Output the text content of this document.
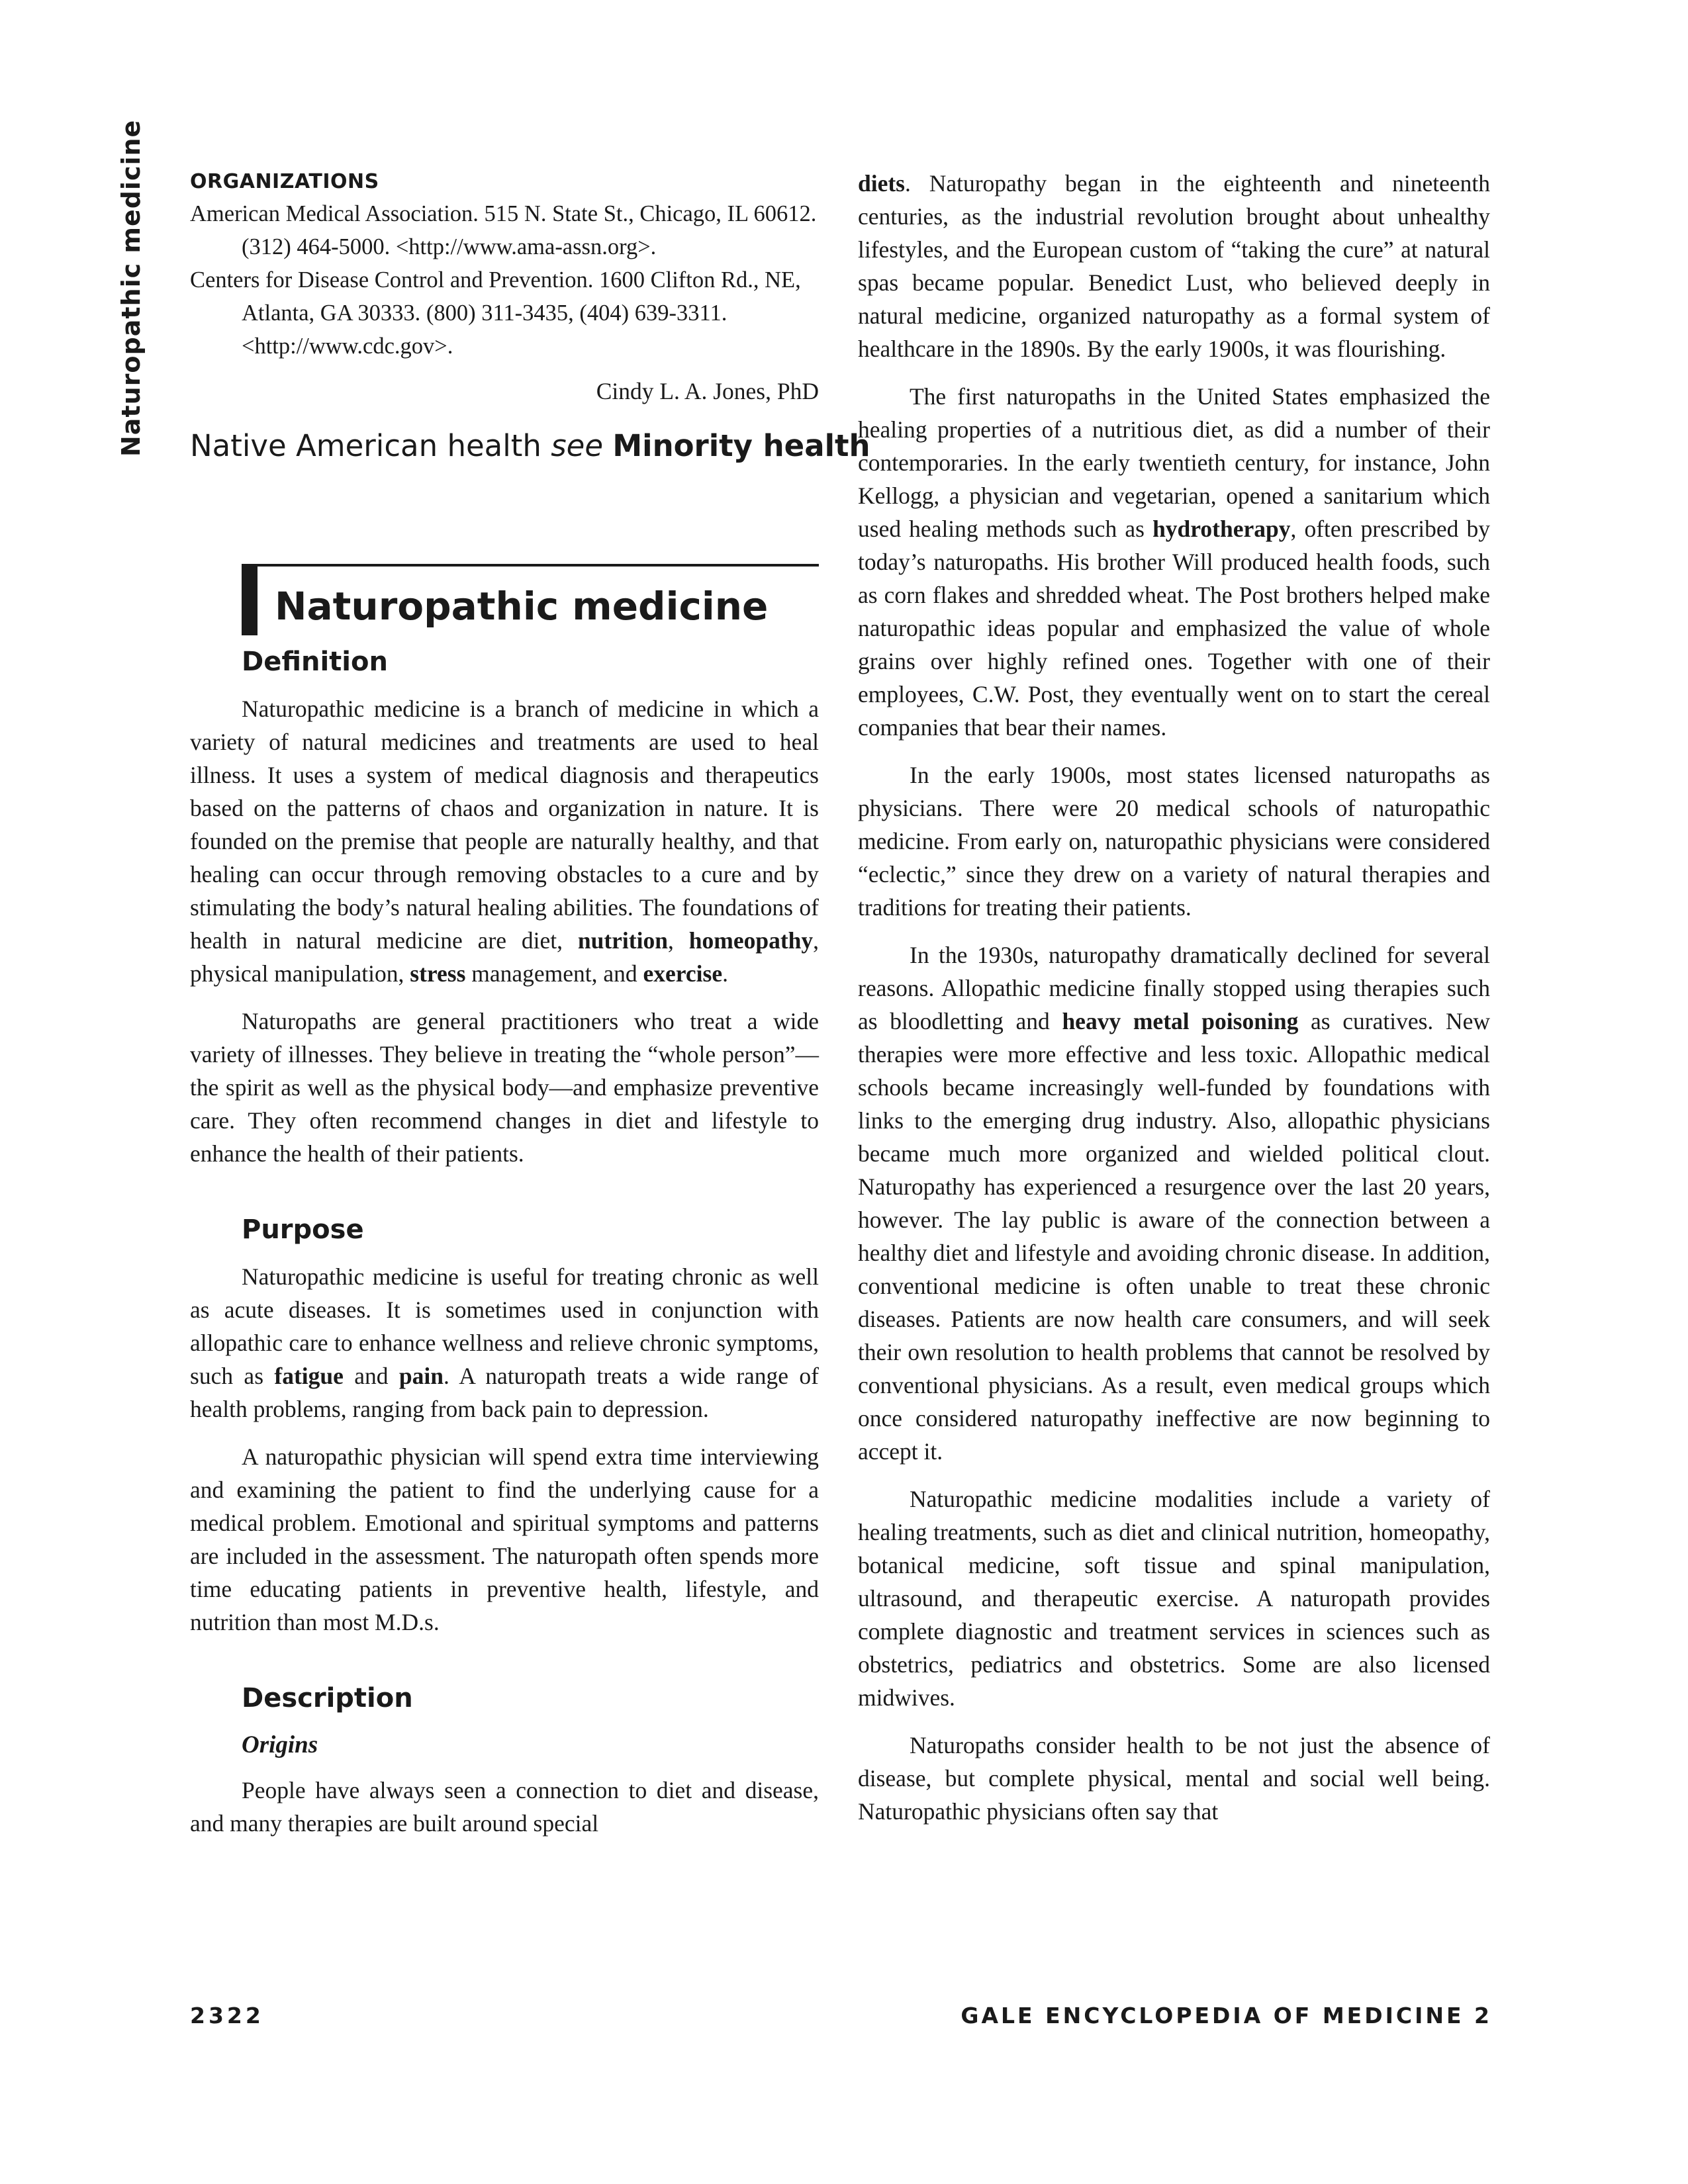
Naturopathic medicine ORGANIZATIONS

American Medical Association. 515 N. State St., Chicago, IL 60612. (312) 464-5000. <http://www.ama-assn.org>.

Centers for Disease Control and Prevention. 1600 Clifton Rd., NE, Atlanta, GA 30333. (800) 311-3435, (404) 639-3311. <http://www.cdc.gov>.

Cindy L. A. Jones, PhD

Native American health see Minority health
Naturopathic medicine
Definition

Naturopathic medicine is a branch of medicine in which a variety of natural medicines and treatments are used to heal illness. It uses a system of medical diagnosis and therapeutics based on the patterns of chaos and organization in nature. It is founded on the premise that people are naturally healthy, and that healing can occur through removing obstacles to a cure and by stimulating the body’s natural healing abilities. The foundations of health in natural medicine are diet, nutrition, homeopathy, physical manipulation, stress management, and exercise.

Naturopaths are general practitioners who treat a wide variety of illnesses. They believe in treating the “whole person”—the spirit as well as the physical body—and emphasize preventive care. They often recommend changes in diet and lifestyle to enhance the health of their patients.

Purpose

Naturopathic medicine is useful for treating chronic as well as acute diseases. It is sometimes used in conjunction with allopathic care to enhance wellness and relieve chronic symptoms, such as fatigue and pain. A naturopath treats a wide range of health problems, ranging from back pain to depression.

A naturopathic physician will spend extra time interviewing and examining the patient to find the underlying cause for a medical problem. Emotional and spiritual symptoms and patterns are included in the assessment. The naturopath often spends more time educating patients in preventive health, lifestyle, and nutrition than most M.D.s.

Description
Origins

People have always seen a connection to diet and disease, and many therapies are built around special

diets. Naturopathy began in the eighteenth and nineteenth centuries, as the industrial revolution brought about unhealthy lifestyles, and the European custom of “taking the cure” at natural spas became popular. Benedict Lust, who believed deeply in natural medicine, organized naturopathy as a formal system of healthcare in the 1890s. By the early 1900s, it was flourishing.

The first naturopaths in the United States emphasized the healing properties of a nutritious diet, as did a number of their contemporaries. In the early twentieth century, for instance, John Kellogg, a physician and vegetarian, opened a sanitarium which used healing methods such as hydrotherapy, often prescribed by today’s naturopaths. His brother Will produced health foods, such as corn flakes and shredded wheat. The Post brothers helped make naturopathic ideas popular and emphasized the value of whole grains over highly refined ones. Together with one of their employees, C.W. Post, they eventually went on to start the cereal companies that bear their names.

In the early 1900s, most states licensed naturopaths as physicians. There were 20 medical schools of naturopathic medicine. From early on, naturopathic physicians were considered “eclectic,” since they drew on a variety of natural therapies and traditions for treating their patients.

In the 1930s, naturopathy dramatically declined for several reasons. Allopathic medicine finally stopped using therapies such as bloodletting and heavy metal poisoning as curatives. New therapies were more effective and less toxic. Allopathic medical schools became increasingly well-funded by foundations with links to the emerging drug industry. Also, allopathic physicians became much more organized and wielded political clout. Naturopathy has experienced a resurgence over the last 20 years, however. The lay public is aware of the connection between a healthy diet and lifestyle and avoiding chronic disease. In addition, conventional medicine is often unable to treat these chronic diseases. Patients are now health care consumers, and will seek their own resolution to health problems that cannot be resolved by conventional physicians. As a result, even medical groups which once considered naturopathy ineffective are now beginning to accept it.

Naturopathic medicine modalities include a variety of healing treatments, such as diet and clinical nutrition, homeopathy, botanical medicine, soft tissue and spinal manipulation, ultrasound, and therapeutic exercise. A naturopath provides complete diagnostic and treatment services in sciences such as obstetrics, pediatrics and obstetrics. Some are also licensed midwives.

Naturopaths consider health to be not just the absence of disease, but complete physical, mental and social well being. Naturopathic physicians often say that

2322	GALE ENCYCLOPEDIA OF MEDICINE 2
